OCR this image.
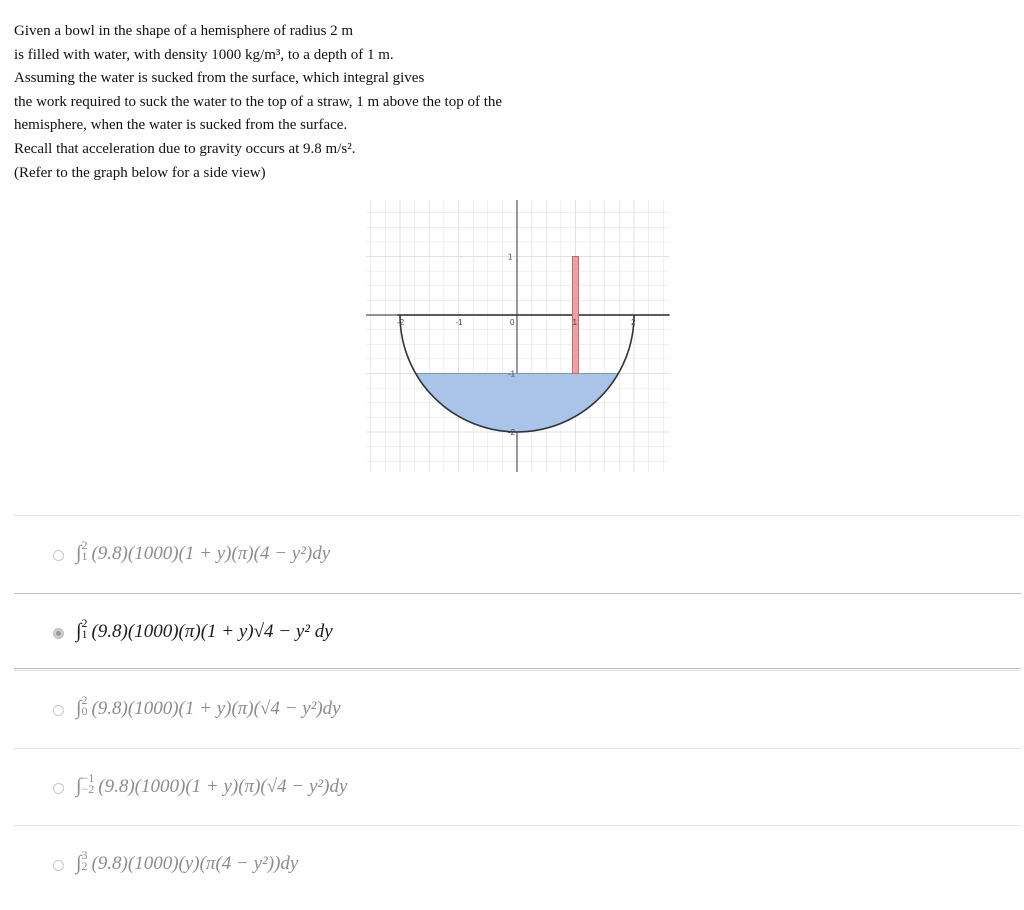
Given a bowl in the shape of a hemisphere of radius 2 m
is filled with water, with density 1000 kg/m³, to a depth of 1 m.
Assuming the water is sucked from the surface, which integral gives
the work required to suck the water to the top of a straw, 1 m above the top of the
hemisphere, when the water is sucked from the surface.
Recall that acceleration due to gravity occurs at 9.8 m/s².
(Refer to the graph below for a side view)
-2	-1	0	1	2
1
-1
-2
∫ 2
1 (9.8)(1000)(1 + y)(π)(4 − y²)dy
∫ 2
1 (9.8)(1000)(π)(1 + y)√4 − y² dy
∫ 2
0 (9.8)(1000)(1 + y)(π)(√4 − y²)dy
∫ −1
−2 (9.8)(1000)(1 + y)(π)(√4 − y²)dy
∫ 3
2 (9.8)(1000)(y)(π(4 − y²))dy
